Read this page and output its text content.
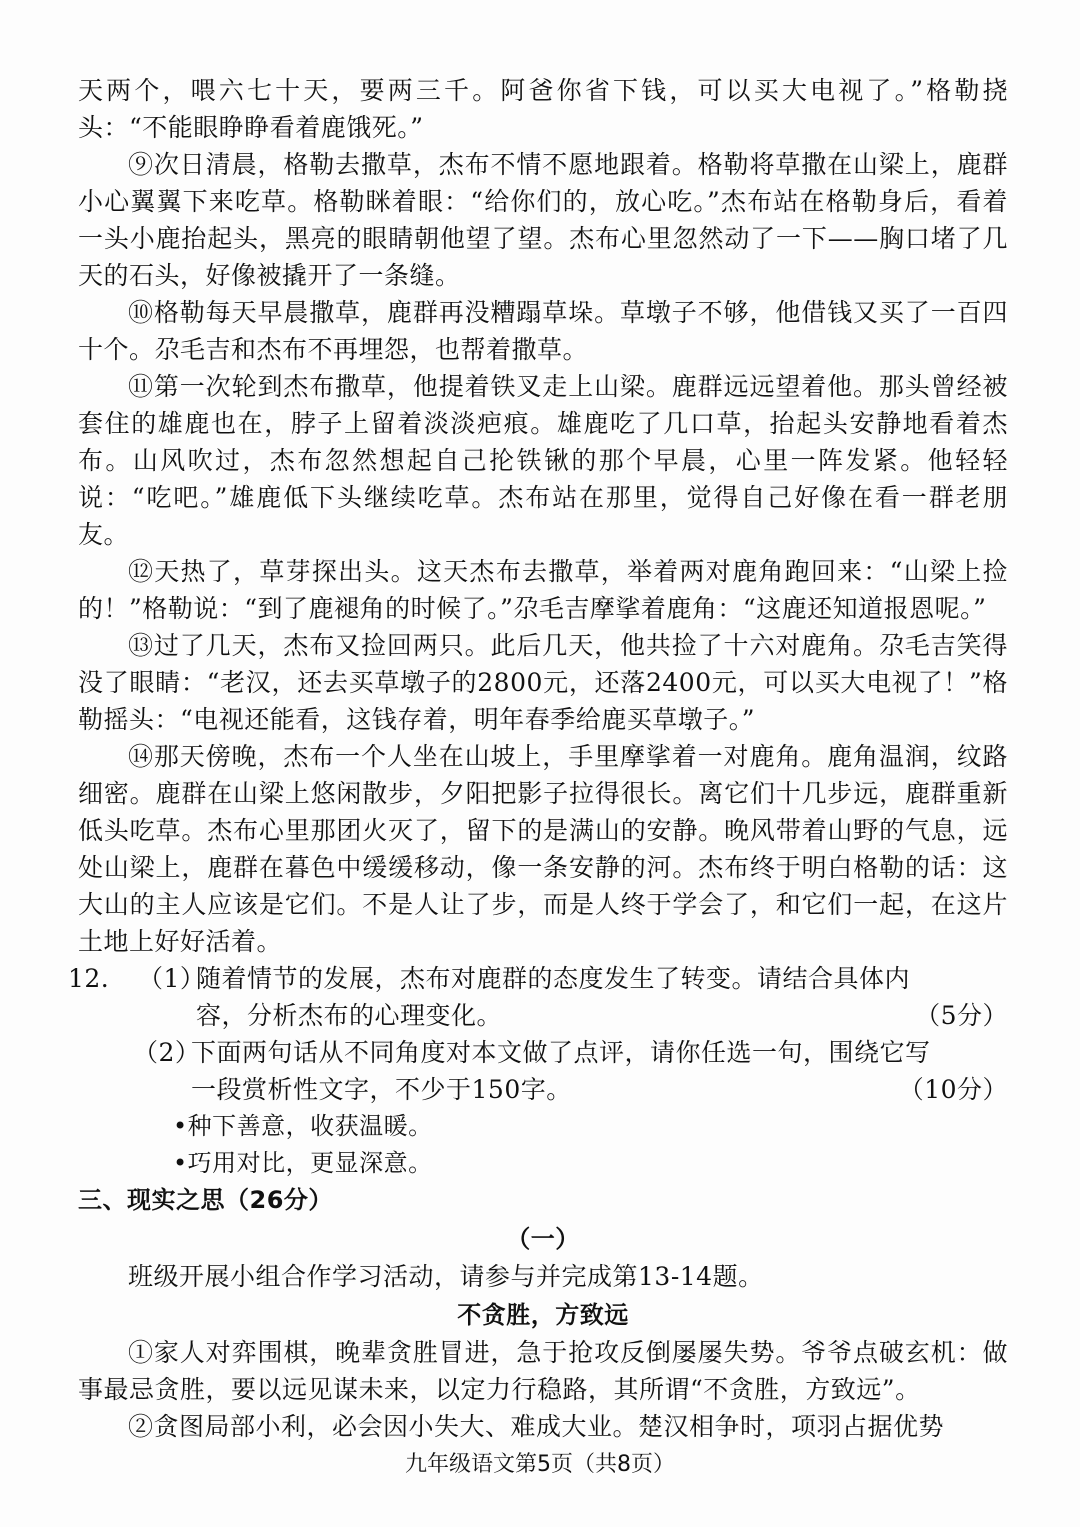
天两个，喂六七十天，要两三千。阿爸你省下钱，可以买大电视了。”格勒挠头：“不能眼睁睁看着鹿饿死。”

⑨次日清晨，格勒去撒草，杰布不情不愿地跟着。格勒将草撒在山梁上，鹿群小心翼翼下来吃草。格勒眯着眼：“给你们的，放心吃。”杰布站在格勒身后，看着一头小鹿抬起头，黑亮的眼睛朝他望了望。杰布心里忽然动了一下——胸口堵了几天的石头，好像被撬开了一条缝。

⑩格勒每天早晨撒草，鹿群再没糟蹋草垛。草墩子不够，他借钱又买了一百四十个。尕毛吉和杰布不再埋怨，也帮着撒草。

⑪第一次轮到杰布撒草，他提着铁叉走上山梁。鹿群远远望着他。那头曾经被套住的雄鹿也在，脖子上留着淡淡疤痕。雄鹿吃了几口草，抬起头安静地看着杰布。山风吹过，杰布忽然想起自己抡铁锹的那个早晨，心里一阵发紧。他轻轻说：“吃吧。”雄鹿低下头继续吃草。杰布站在那里，觉得自己好像在看一群老朋友。

⑫天热了，草芽探出头。这天杰布去撒草，举着两对鹿角跑回来：“山梁上捡的！”格勒说：“到了鹿褪角的时候了。”尕毛吉摩挲着鹿角：“这鹿还知道报恩呢。”

⑬过了几天，杰布又捡回两只。此后几天，他共捡了十六对鹿角。尕毛吉笑得没了眼睛：“老汉，还去买草墩子的2800元，还落2400元，可以买大电视了！”格勒摇头：“电视还能看，这钱存着，明年春季给鹿买草墩子。”

⑭那天傍晚，杰布一个人坐在山坡上，手里摩挲着一对鹿角。鹿角温润，纹路细密。鹿群在山梁上悠闲散步，夕阳把影子拉得很长。离它们十几步远，鹿群重新低头吃草。杰布心里那团火灭了，留下的是满山的安静。晚风带着山野的气息，远处山梁上，鹿群在暮色中缓缓移动，像一条安静的河。杰布终于明白格勒的话：这大山的主人应该是它们。不是人让了步，而是人终于学会了，和它们一起，在这片土地上好好活着。

12.	（1）
随着情节的发展，杰布对鹿群的态度发生了转变。请结合具体内
容，分析杰布的心理变化。	（5分）
（2）
下面两句话从不同角度对本文做了点评，请你任选一句，围绕它写
一段赏析性文字，不少于150字。	（10分）

•种下善意，收获温暖。

•巧用对比，更显深意。

三、现实之思（26分）

（一）

班级开展小组合作学习活动，请参与并完成第13-14题。

不贪胜，方致远

①家人对弈围棋，晚辈贪胜冒进，急于抢攻反倒屡屡失势。爷爷点破玄机：做事最忌贪胜，要以远见谋未来，以定力行稳路，其所谓“不贪胜，方致远”。

②贪图局部小利，必会因小失大、难成大业。楚汉相争时，项羽占据优势

九年级语文第5页（共8页）
